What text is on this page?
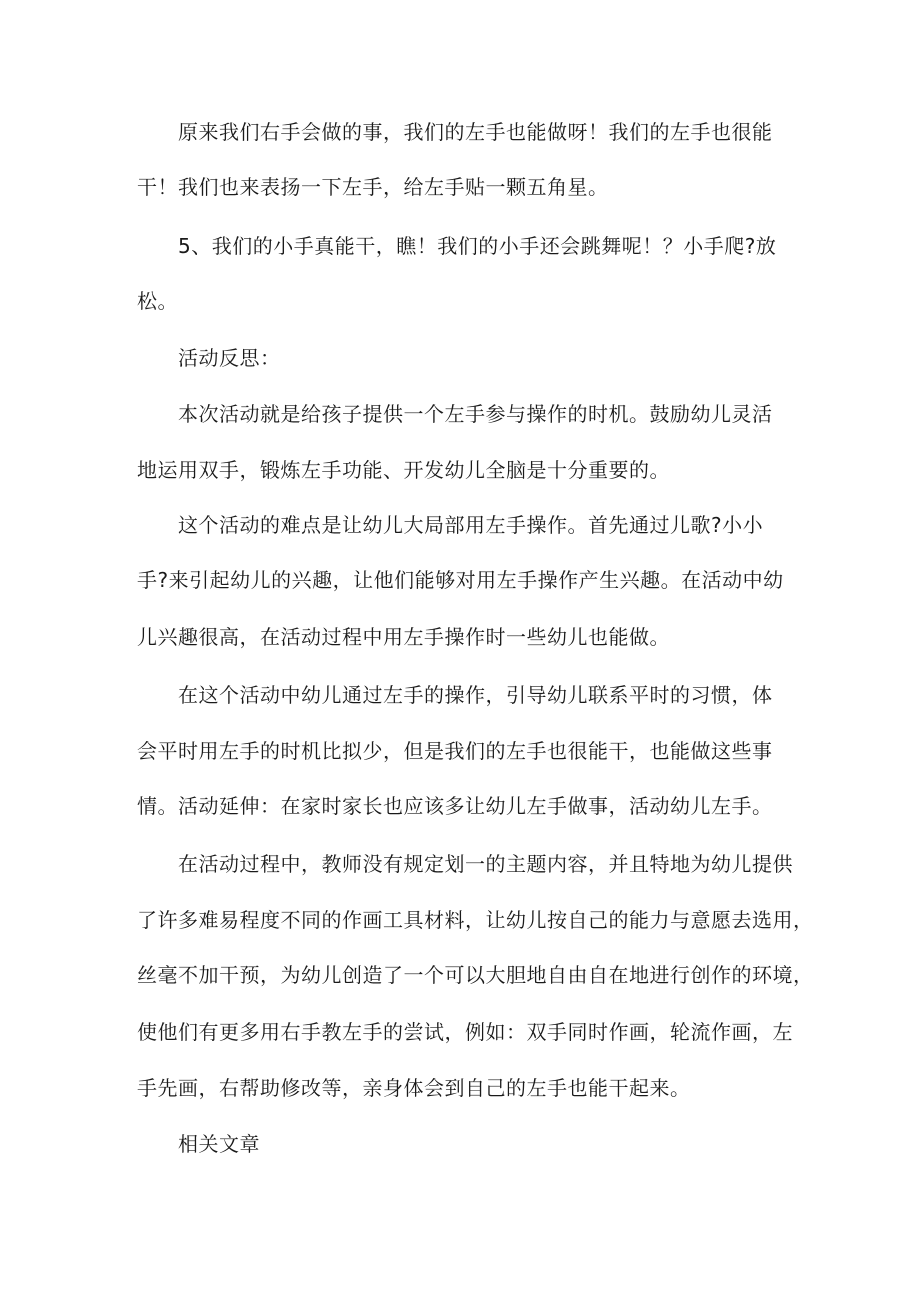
原来我们右手会做的事，我们的左手也能做呀！我们的左手也很能

干！我们也来表扬一下左手，给左手贴一颗五角星。

5、我们的小手真能干，瞧！我们的小手还会跳舞呢！？小手爬?放

松。

活动反思：

本次活动就是给孩子提供一个左手参与操作的时机。鼓励幼儿灵活

地运用双手，锻炼左手功能、开发幼儿全脑是十分重要的。

这个活动的难点是让幼儿大局部用左手操作。首先通过儿歌?小小

手?来引起幼儿的兴趣，让他们能够对用左手操作产生兴趣。在活动中幼

儿兴趣很高，在活动过程中用左手操作时一些幼儿也能做。

在这个活动中幼儿通过左手的操作，引导幼儿联系平时的习惯，体

会平时用左手的时机比拟少，但是我们的左手也很能干，也能做这些事

情。活动延伸：在家时家长也应该多让幼儿左手做事，活动幼儿左手。

在活动过程中，教师没有规定划一的主题内容，并且特地为幼儿提供

了许多难易程度不同的作画工具材料，让幼儿按自己的能力与意愿去选用，

丝毫不加干预，为幼儿创造了一个可以大胆地自由自在地进行创作的环境，

使他们有更多用右手教左手的尝试，例如：双手同时作画，轮流作画，左

手先画，右帮助修改等，亲身体会到自己的左手也能干起来。

相关文章
